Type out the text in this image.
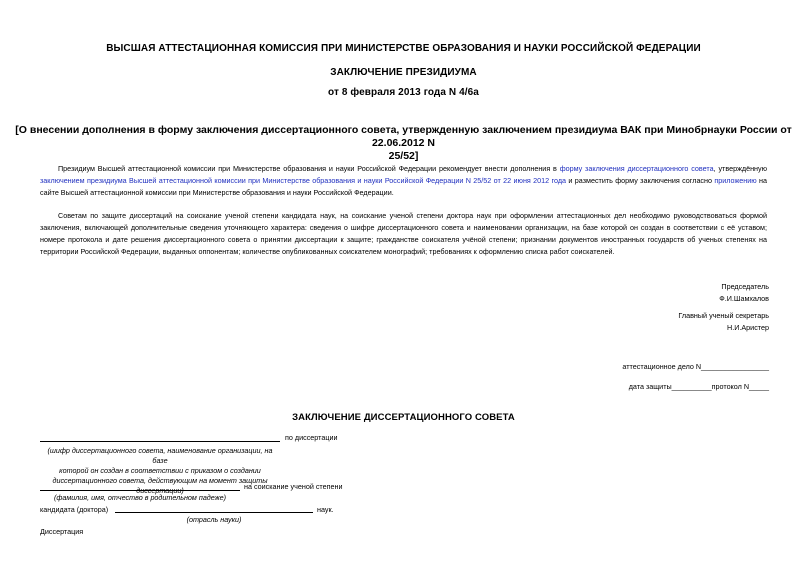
ВЫСШАЯ АТТЕСТАЦИОННАЯ КОМИССИЯ ПРИ МИНИСТЕРСТВЕ ОБРАЗОВАНИЯ И НАУКИ РОССИЙСКОЙ ФЕДЕРАЦИИ
ЗАКЛЮЧЕНИЕ ПРЕЗИДИУМА
от 8 февраля 2013 года N 4/6а
[О внесении дополнения в форму заключения диссертационного совета, утвержденную заключением президиума ВАК при Минобрнауки России от 22.06.2012 N
25/52]
Президиум Высшей аттестационной комиссии при Министерстве образования и науки Российской Федерации рекомендует внести дополнения в форму заключения диссертационного совета, утверждённую заключением президиума Высшей аттестационной комиссии при Министерстве образования и науки Российской Федерации N 25/52 от 22 июня 2012 года и разместить форму заключения согласно приложению на сайте Высшей аттестационной комиссии при Министерстве образования и науки Российской Федерации.
Советам по защите диссертаций на соискание ученой степени кандидата наук, на соискание ученой степени доктора наук при оформлении аттестационных дел необходимо руководствоваться формой заключения, включающей дополнительные сведения уточняющего характера: сведения о шифре диссертационного совета и наименовании организации, на базе которой он создан в соответствии с её уставом; номере протокола и дате решения диссертационного совета о принятии диссертации к защите; гражданстве соискателя учёной степени; признании документов иностранных государств об ученых степенях на территории Российской Федерации, выданных оппонентам; количестве опубликованных соискателем монографий; требованиях к оформлению списка работ соискателей.
Председатель
Ф.И.Шамхалов
Главный ученый секретарь
Н.И.Аристер
аттестационное дело N_________________
дата защиты__________протокол N_____
ЗАКЛЮЧЕНИЕ ДИССЕРТАЦИОННОГО СОВЕТА
по диссертации
(шифр диссертационного совета, наименование организации, на базе
которой он создан в соответствии с приказом о создании
диссертационного совета, действующим на момент защиты
диссертации)	на соискание ученой степени
(фамилия, имя, отчество в родительном падеже)
кандидата (доктора)	наук.
(отрасль науки)
Диссертация
